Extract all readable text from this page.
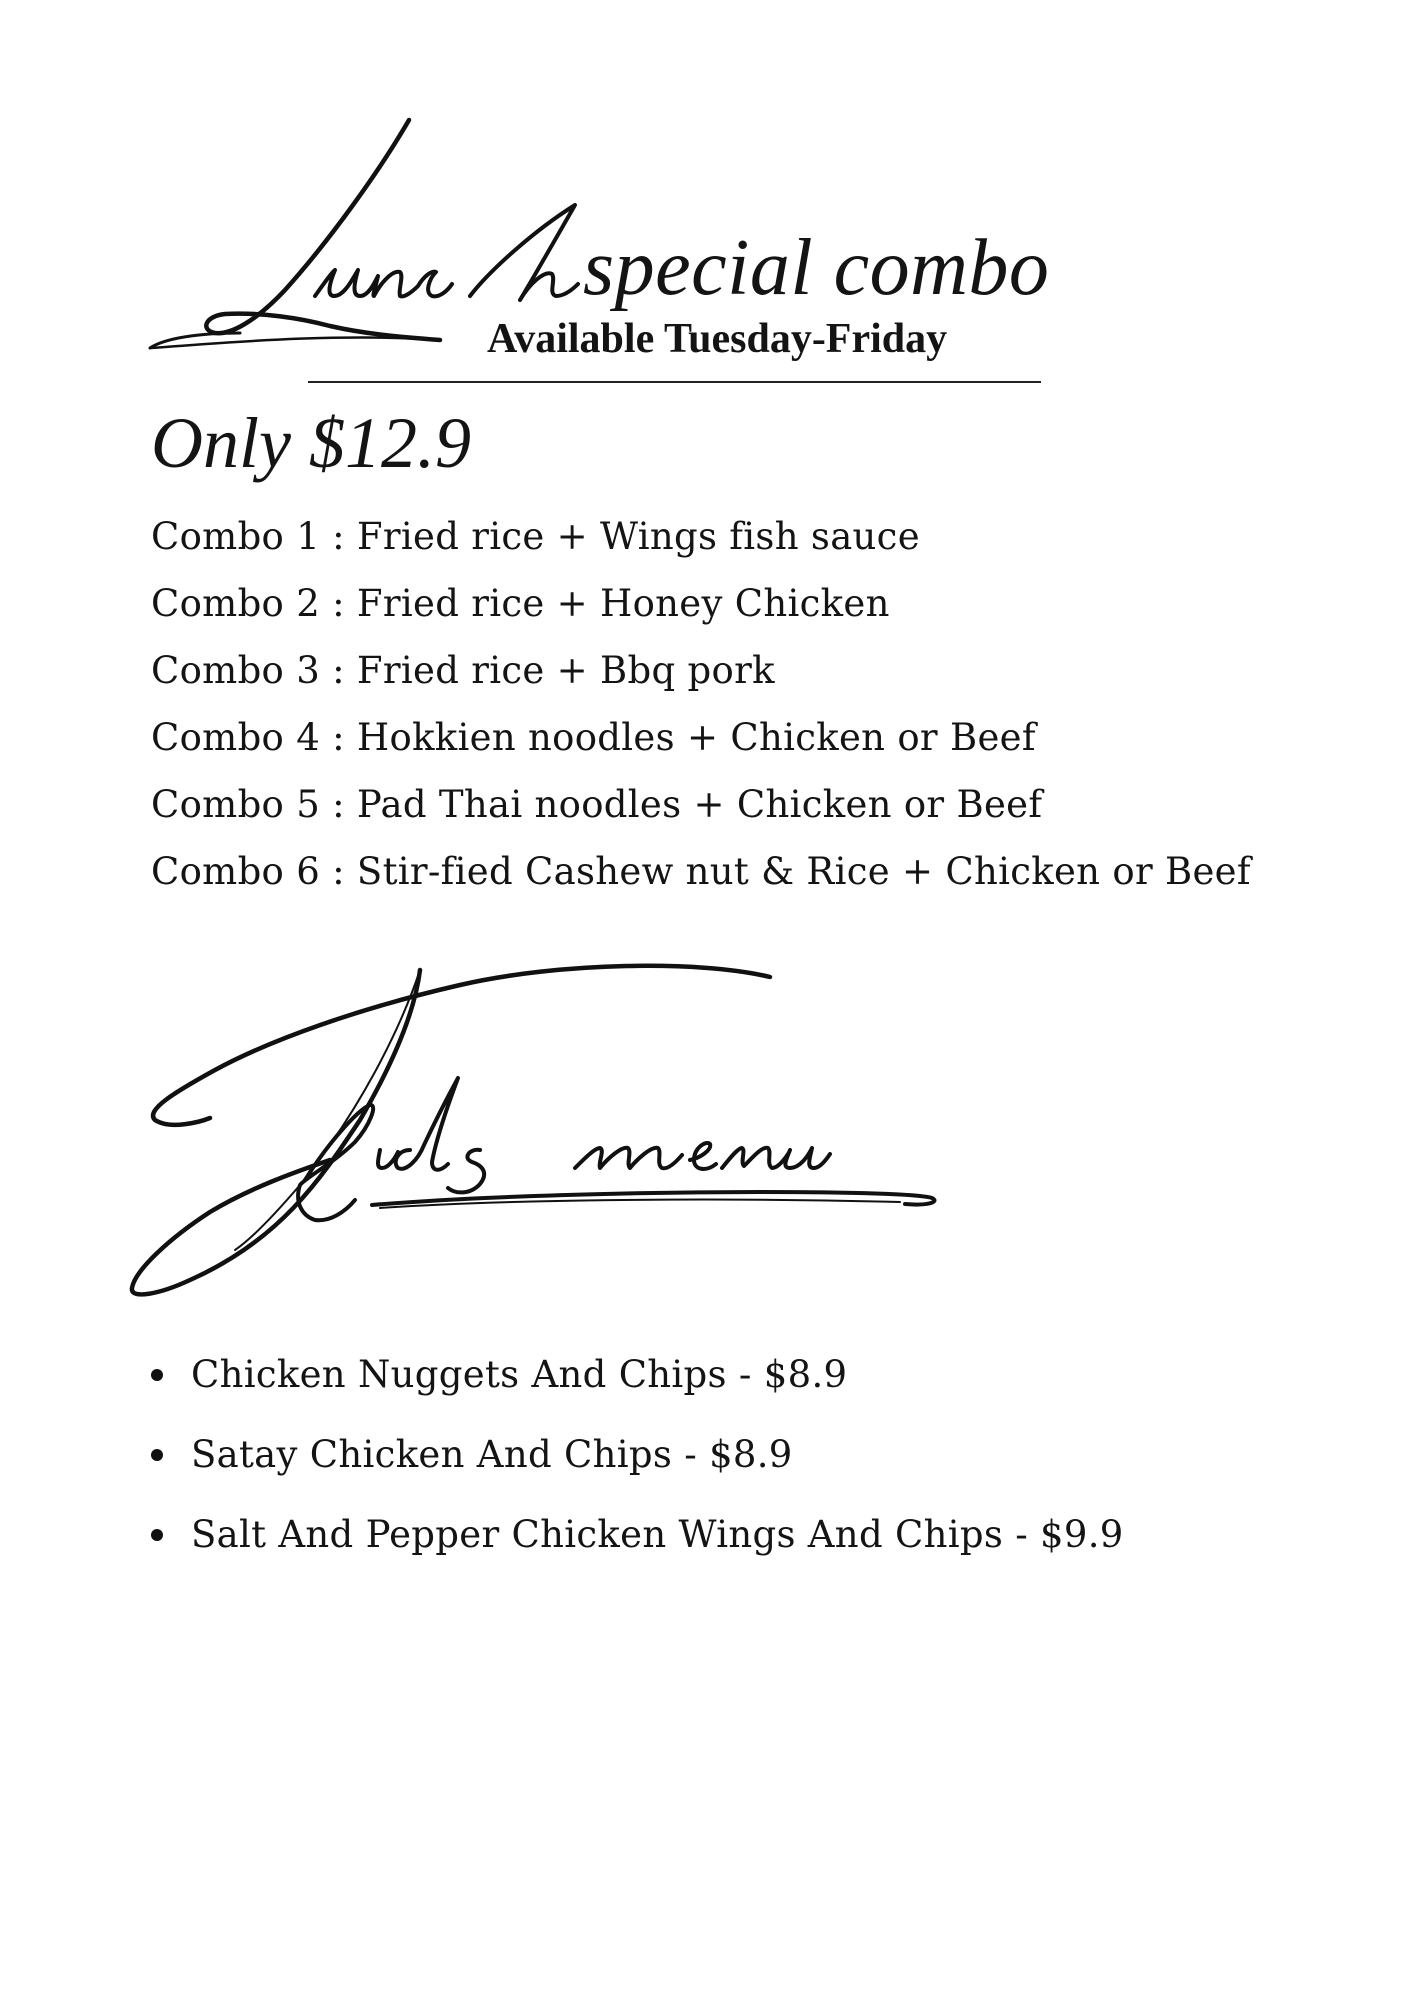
special combo
Available Tuesday-Friday
Only $12.9
Combo 1 : Fried rice + Wings fish sauce
Combo 2 : Fried rice + Honey Chicken
Combo 3 : Fried rice + Bbq pork
Combo 4 : Hokkien noodles + Chicken or Beef
Combo 5 : Pad Thai noodles + Chicken or Beef
Combo 6 : Stir-fied Cashew nut & Rice + Chicken or Beef
Chicken Nuggets And Chips - $8.9
Satay Chicken And Chips - $8.9
Salt And Pepper Chicken Wings And Chips - $9.9
